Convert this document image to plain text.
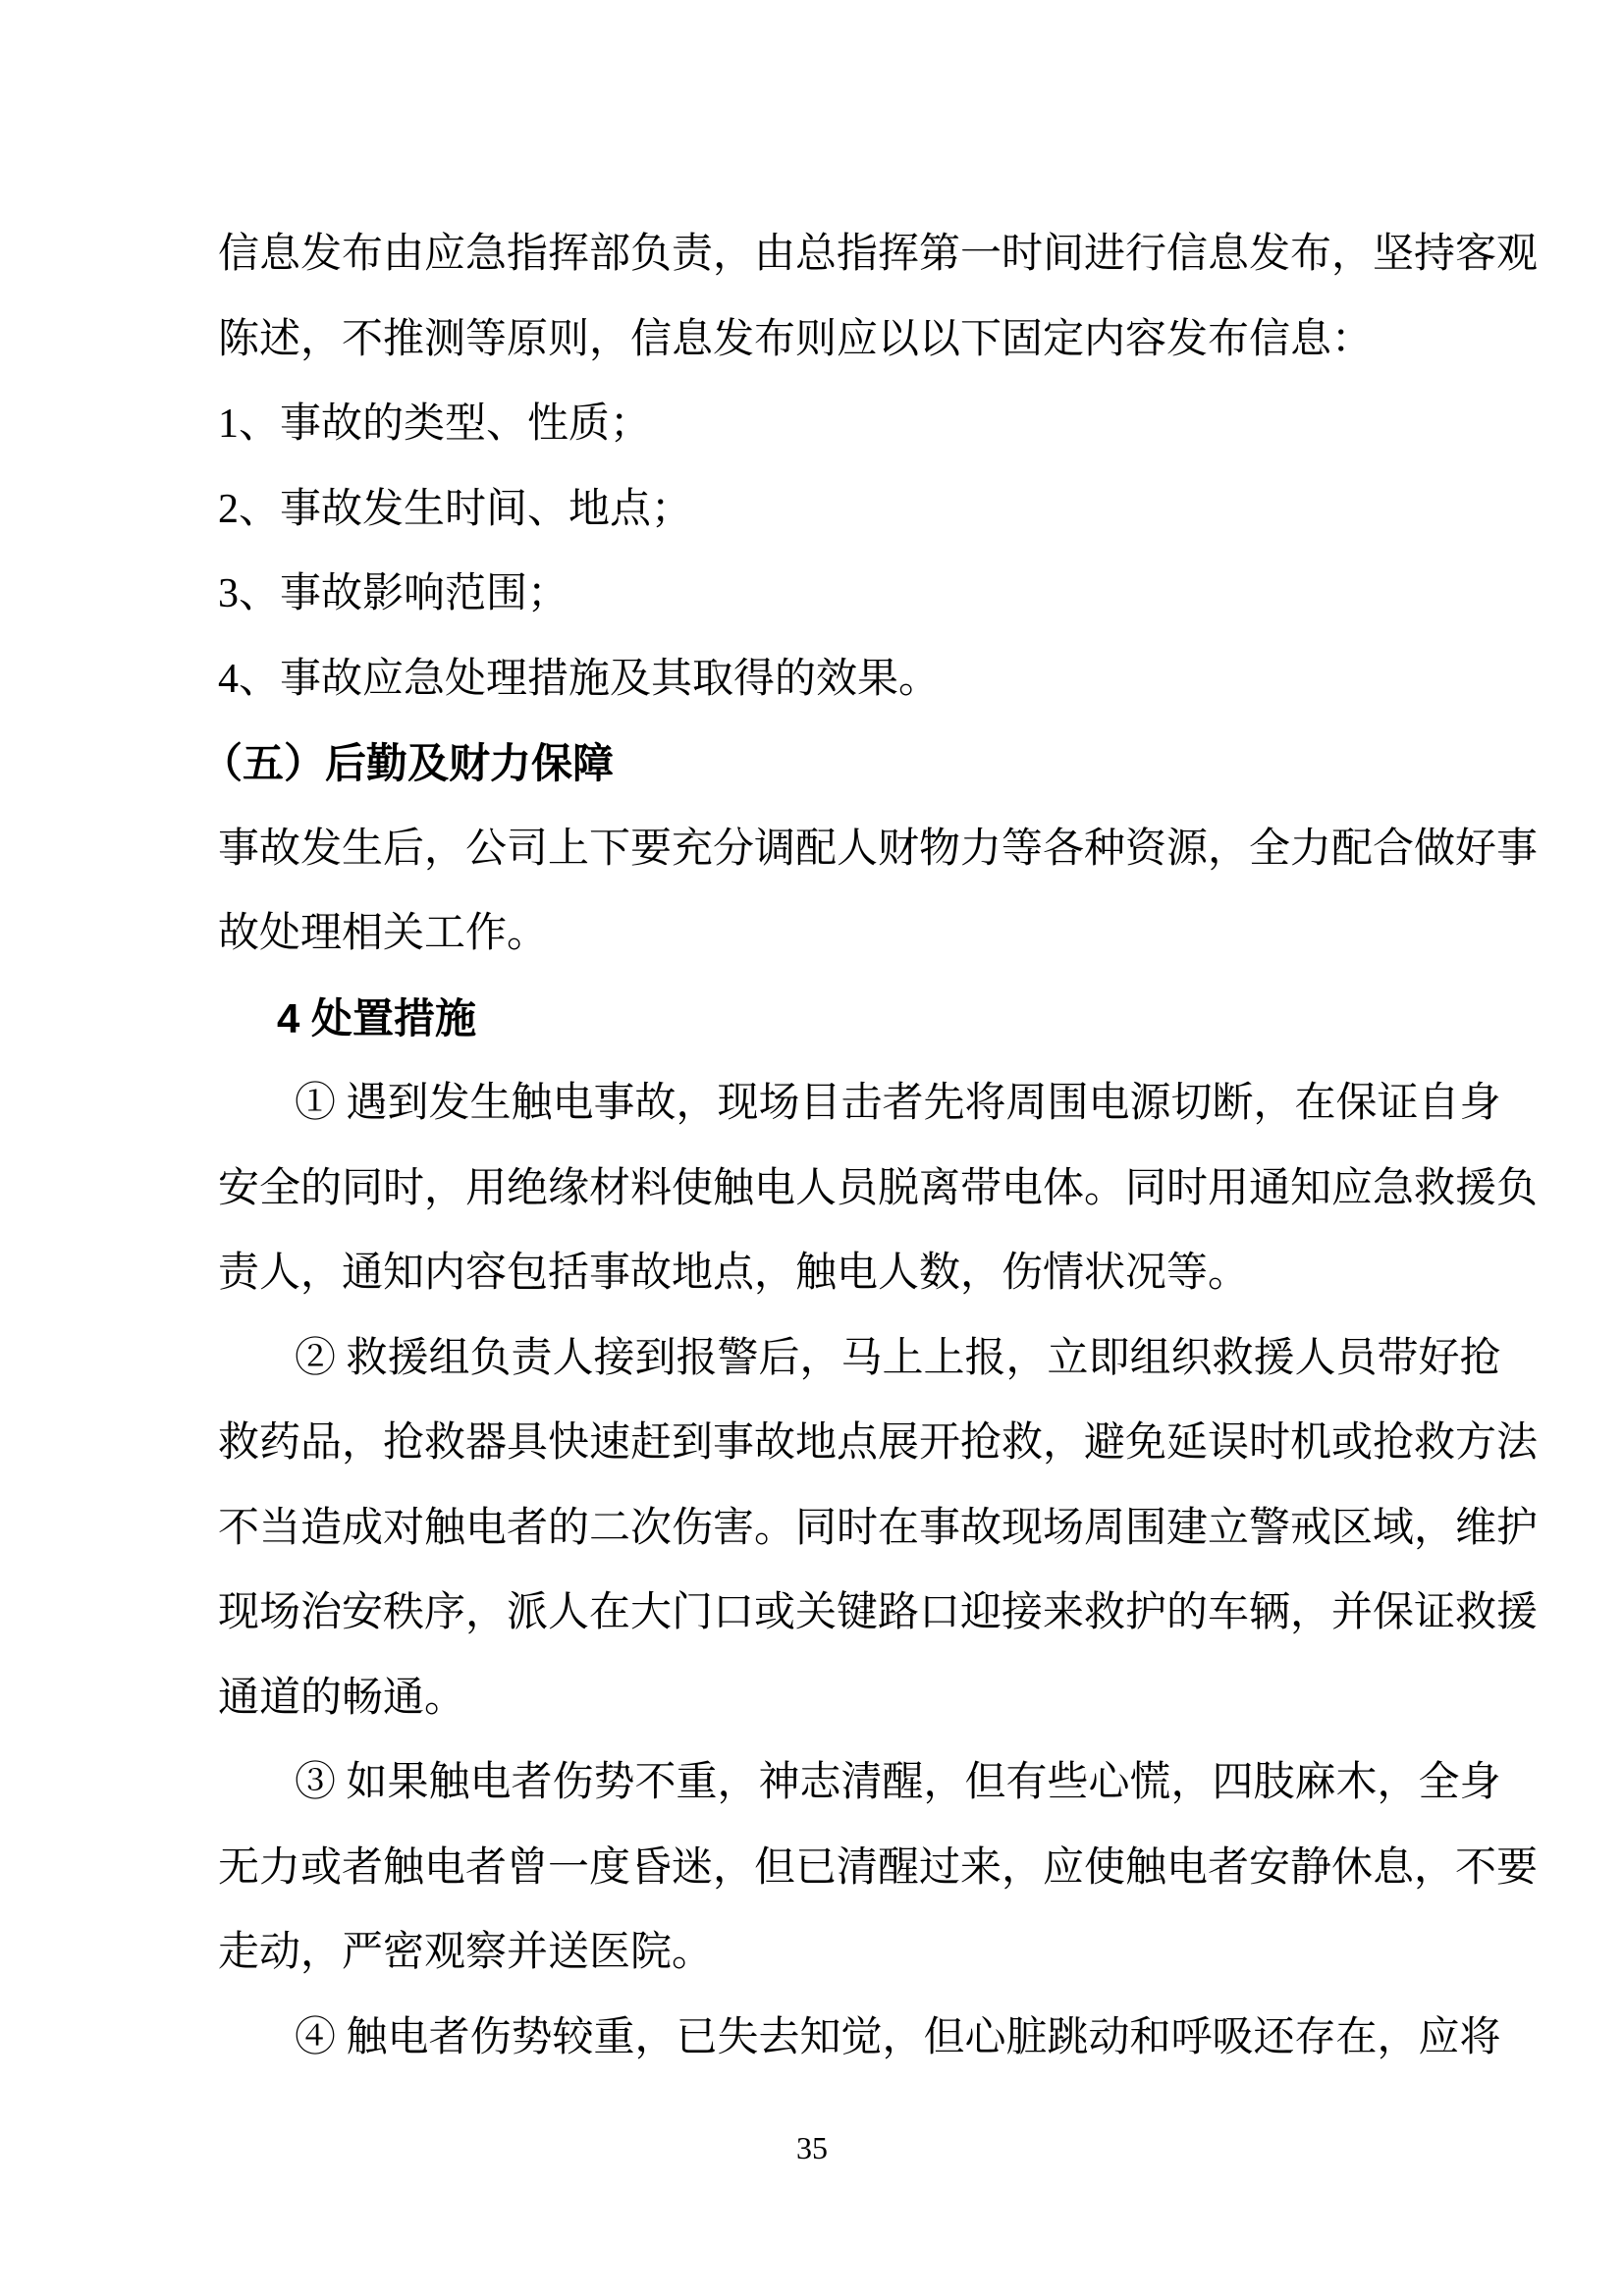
信息发布由应急指挥部负责，由总指挥第一时间进行信息发布，坚持客观
陈述，不推测等原则，信息发布则应以以下固定内容发布信息：
1、事故的类型、性质；
2、事故发生时间、地点；
3、事故影响范围；
4、事故应急处理措施及其取得的效果。
（五）后勤及财力保障
事故发生后，公司上下要充分调配人财物力等各种资源，全力配合做好事
故处理相关工作。
4 处置措施
① 遇到发生触电事故，现场目击者先将周围电源切断，在保证自身
安全的同时，用绝缘材料使触电人员脱离带电体。同时用通知应急救援负
责人，通知内容包括事故地点，触电人数，伤情状况等。
② 救援组负责人接到报警后，马上上报，立即组织救援人员带好抢
救药品，抢救器具快速赶到事故地点展开抢救，避免延误时机或抢救方法
不当造成对触电者的二次伤害。同时在事故现场周围建立警戒区域，维护
现场治安秩序，派人在大门口或关键路口迎接来救护的车辆，并保证救援
通道的畅通。
③ 如果触电者伤势不重，神志清醒，但有些心慌，四肢麻木，全身
无力或者触电者曾一度昏迷，但已清醒过来，应使触电者安静休息，不要
走动，严密观察并送医院。
④ 触电者伤势较重，已失去知觉，但心脏跳动和呼吸还存在，应将
35
